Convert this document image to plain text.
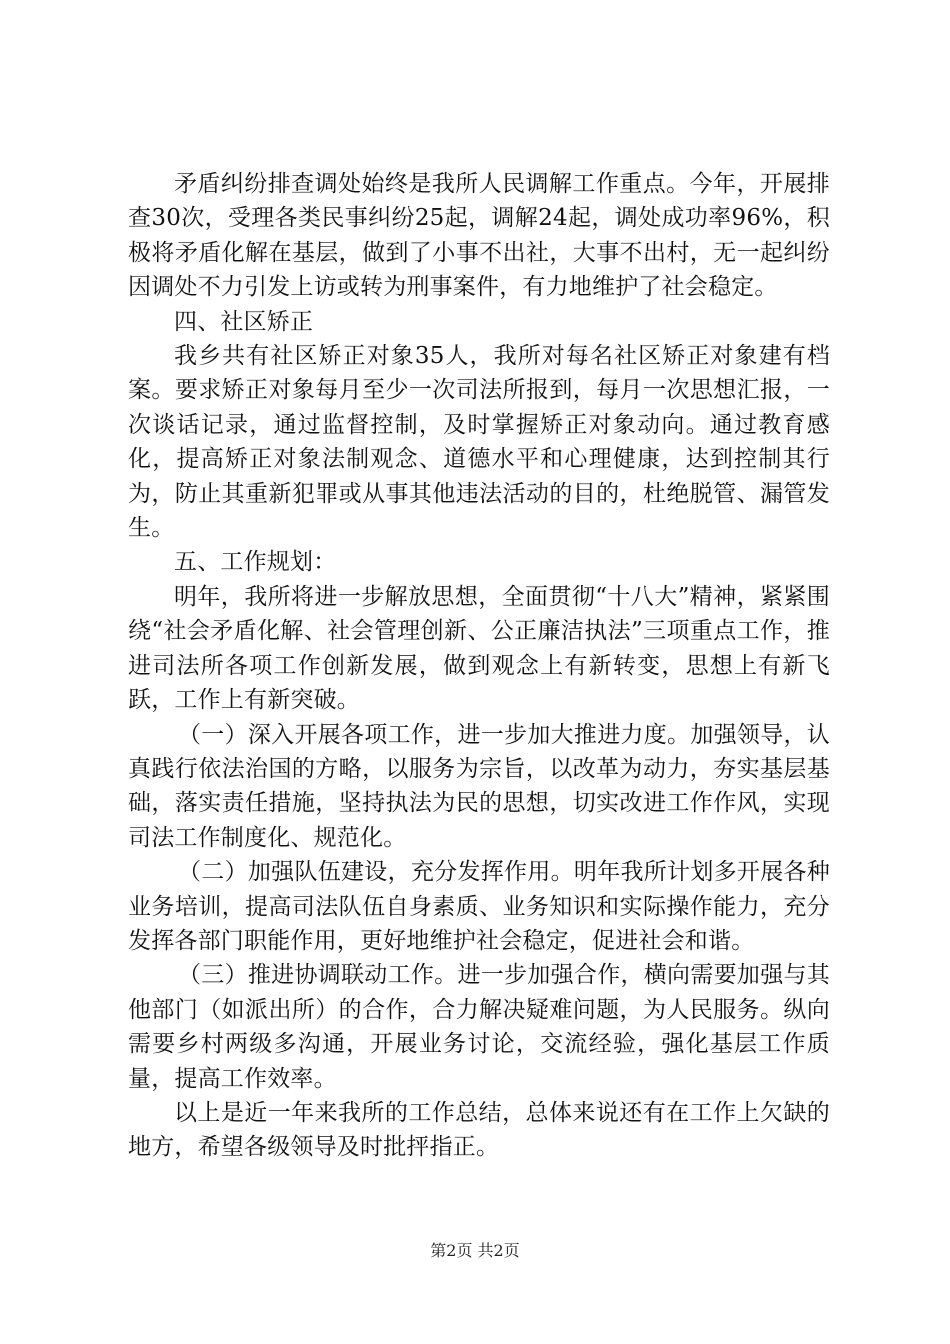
矛盾纠纷排查调处始终是我所人民调解工作重点。今年，开展排查30次，受理各类民事纠纷25起，调解24起，调处成功率96%，积极将矛盾化解在基层，做到了小事不出社，大事不出村，无一起纠纷因调处不力引发上访或转为刑事案件，有力地维护了社会稳定。

四、社区矫正

我乡共有社区矫正对象35人，我所对每名社区矫正对象建有档案。要求矫正对象每月至少一次司法所报到，每月一次思想汇报，一次谈话记录，通过监督控制，及时掌握矫正对象动向。通过教育感化，提高矫正对象法制观念、道德水平和心理健康，达到控制其行为，防止其重新犯罪或从事其他违法活动的目的，杜绝脱管、漏管发生。

五、工作规划：

明年，我所将进一步解放思想，全面贯彻“十八大”精神，紧紧围绕“社会矛盾化解、社会管理创新、公正廉洁执法”三项重点工作，推进司法所各项工作创新发展，做到观念上有新转变，思想上有新飞跃，工作上有新突破。

（一）深入开展各项工作，进一步加大推进力度。加强领导，认真践行依法治国的方略，以服务为宗旨，以改革为动力，夯实基层基础，落实责任措施，坚持执法为民的思想，切实改进工作作风，实现司法工作制度化、规范化。

（二）加强队伍建设，充分发挥作用。明年我所计划多开展各种业务培训，提高司法队伍自身素质、业务知识和实际操作能力，充分发挥各部门职能作用，更好地维护社会稳定，促进社会和谐。

（三）推进协调联动工作。进一步加强合作，横向需要加强与其他部门（如派出所）的合作，合力解决疑难问题，为人民服务。纵向需要乡村两级多沟通，开展业务讨论，交流经验，强化基层工作质量，提高工作效率。

以上是近一年来我所的工作总结，总体来说还有在工作上欠缺的地方，希望各级领导及时批抨指正。

第2页 共2页
